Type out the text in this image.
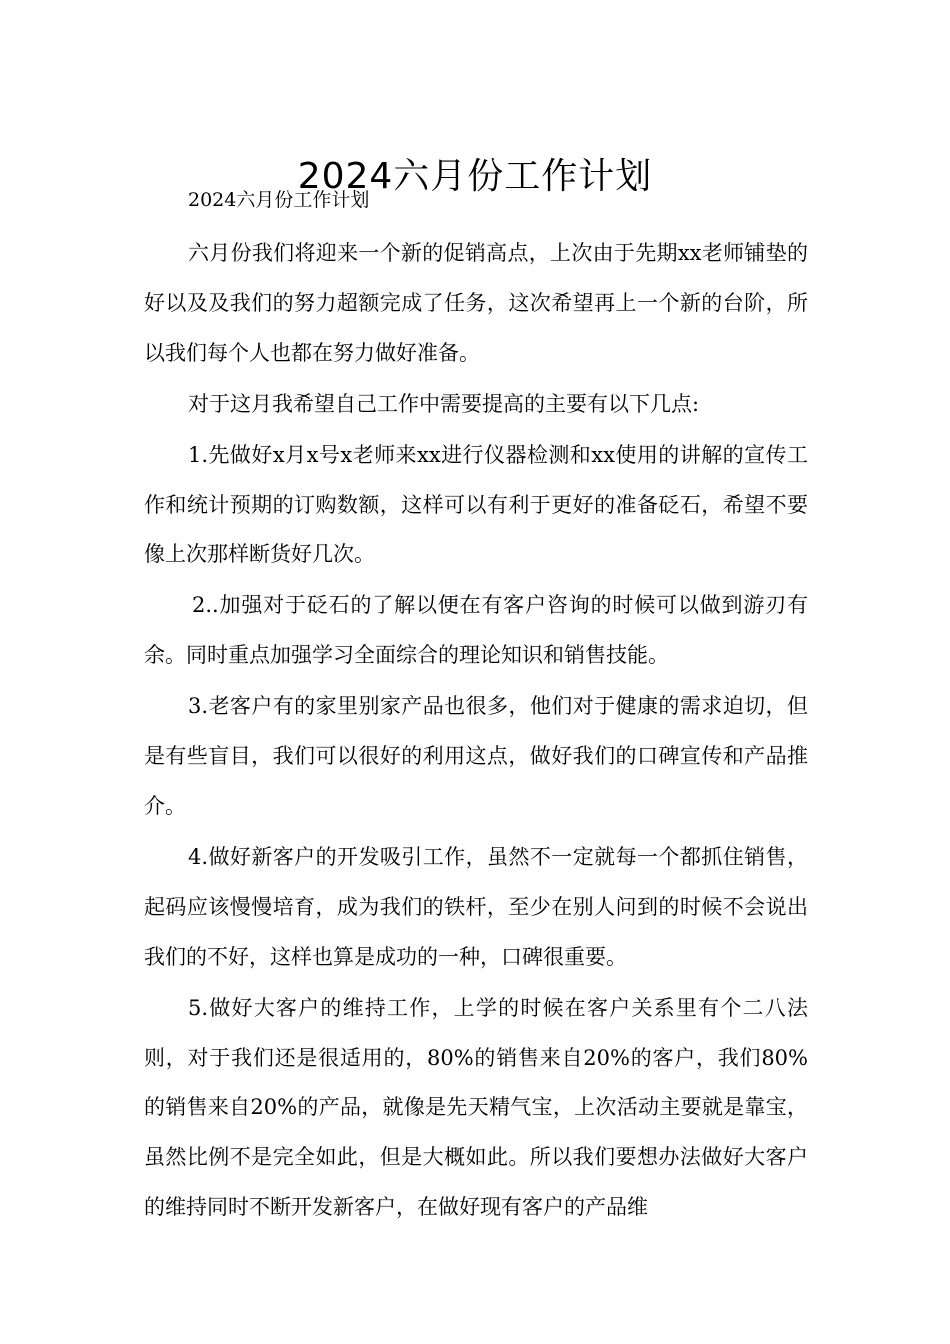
2024六月份工作计划
2024六月份工作计划

六月份我们将迎来一个新的促销高点，上次由于先期xx老师铺垫的好以及及我们的努力超额完成了任务，这次希望再上一个新的台阶，所以我们每个人也都在努力做好准备。

对于这月我希望自己工作中需要提高的主要有以下几点:

1.先做好x月x号x老师来xx进行仪器检测和xx使用的讲解的宣传工作和统计预期的订购数额，这样可以有利于更好的准备砭石，希望不要像上次那样断货好几次。

2..加强对于砭石的了解以便在有客户咨询的时候可以做到游刃有余。同时重点加强学习全面综合的理论知识和销售技能。

3.老客户有的家里别家产品也很多，他们对于健康的需求迫切，但是有些盲目，我们可以很好的利用这点，做好我们的口碑宣传和产品推介。

4.做好新客户的开发吸引工作，虽然不一定就每一个都抓住销售，起码应该慢慢培育，成为我们的铁杆，至少在别人问到的时候不会说出我们的不好，这样也算是成功的一种，口碑很重要。

5.做好大客户的维持工作，上学的时候在客户关系里有个二八法则，对于我们还是很适用的，80%的销售来自20%的客户，我们80%的销售来自20%的产品，就像是先天精气宝，上次活动主要就是靠宝，虽然比例不是完全如此，但是大概如此。所以我们要想办法做好大客户的维持同时不断开发新客户，在做好现有客户的产品维
